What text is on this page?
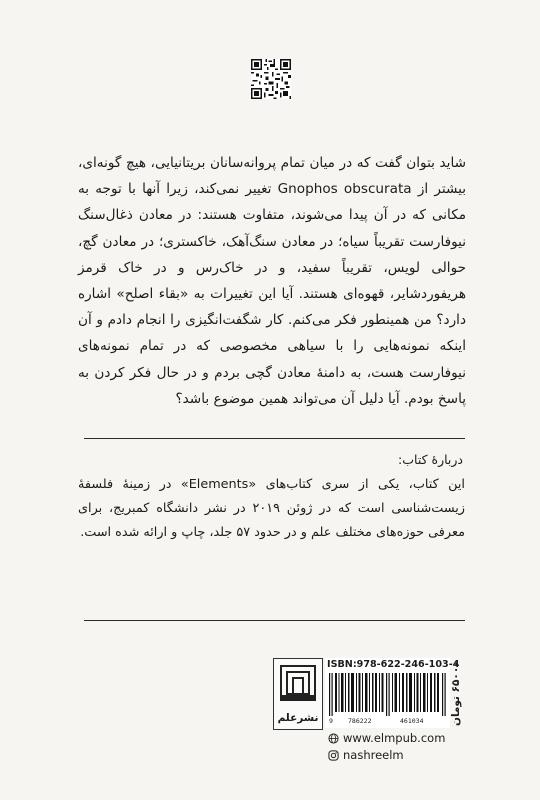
شاید بتوان گفت که در میان تمام پروانه‌سانان بریتانیایی، هیچ گونه‌ای، بیشتر از Gnophos obscurata تغییر نمی‌کند، زیرا آنها با توجه به مکانی که در آن پیدا می‌شوند، متفاوت هستند: در معادن ذغال‌سنگ نیوفارست تقریباً سیاه؛ در معادن سنگ‌آهک، خاکستری؛ در معادن گچ، حوالی لویس، تقریباً سفید، و در خاک‌رس و در خاک قرمز هریفوردشایر، قهوه‌ای هستند. آیا این تغییرات به «بقاء اصلح» اشاره دارد؟ من همینطور فکر می‌کنم. کار شگفت‌انگیزی را انجام دادم و آن اینکه نمونه‌هایی را با سیاهی مخصوصی که در تمام نمونه‌های نیوفارست هست، به دامنهٔ معادن گچی بردم و در حال فکر کردن به پاسخ بودم. آیا دلیل آن می‌تواند همین موضوع باشد؟
دربارهٔ کتاب:
این کتاب، یکی از سری کتاب‌های «Elements» در زمینهٔ فلسفهٔ زیست‌شناسی است که در ژوئن ۲۰۱۹ در نشر دانشگاه کمبریج، برای معرفی حوزه‌های مختلف علم و در حدود ۵۷ جلد، چاپ و ارائه شده است.
نشرعلم
ISBN:978-622-246-103-4
9 786222	461034	۶۵۰۰۰ تومان
www.elmpub.com
nashreelm
